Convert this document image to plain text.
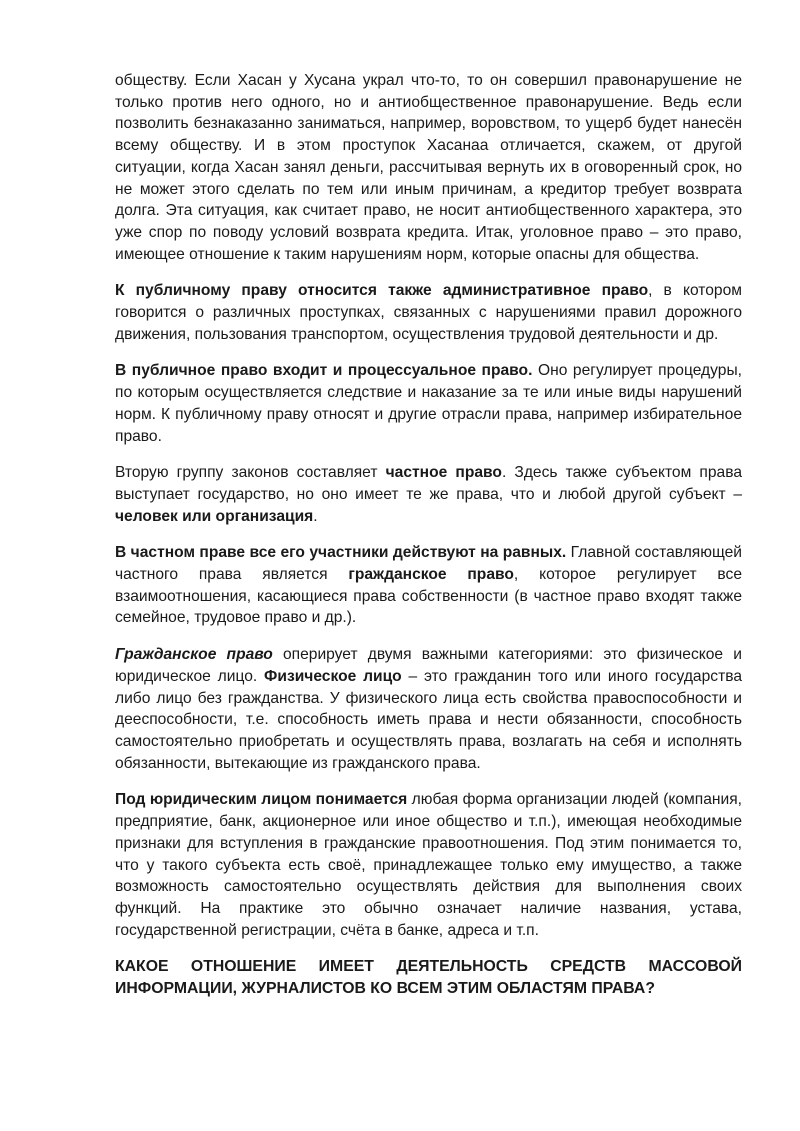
обществу. Если Хасан у Хусана украл что-то, то он совершил правонарушение не только против него одного, но и антиобщественное правонарушение. Ведь если позволить безнаказанно заниматься, например, воровством, то ущерб будет нанесён всему обществу. И в этом проступок Хасанаа отличается, скажем, от другой ситуации, когда Хасан занял деньги, рассчитывая вернуть их в оговоренный срок, но не может этого сделать по тем или иным причинам, а кредитор требует возврата долга. Эта ситуация, как считает право, не носит антиобщественного характера, это уже спор по поводу условий возврата кредита. Итак, уголовное право – это право, имеющее отношение к таким нарушениям норм, которые опасны для общества.

К публичному праву относится также административное право, в котором говорится о различных проступках, связанных с нарушениями правил дорожного движения, пользования транспортом, осуществления трудовой деятельности и др.

В публичное право входит и процессуальное право. Оно регулирует процедуры, по которым осуществляется следствие и наказание за те или иные виды нарушений норм. К публичному праву относят и другие отрасли права, например избирательное право.

Вторую группу законов составляет частное право. Здесь также субъектом права выступает государство, но оно имеет те же права, что и любой другой субъект – человек или организация.

В частном праве все его участники действуют на равных. Главной составляющей частного права является гражданское право, которое регулирует все взаимоотношения, касающиеся права собственности (в частное право входят также семейное, трудовое право и др.).

Гражданское право оперирует двумя важными категориями: это физическое и юридическое лицо. Физическое лицо – это гражданин того или иного государства либо лицо без гражданства. У физического лица есть свойства правоспособности и дееспособности, т.е. способность иметь права и нести обязанности, способность самостоятельно приобретать и осуществлять права, возлагать на себя и исполнять обязанности, вытекающие из гражданского права.

Под юридическим лицом понимается любая форма организации людей (компания, предприятие, банк, акционерное или иное общество и т.п.), имеющая необходимые признаки для вступления в гражданские правоотношения. Под этим понимается то, что у такого субъекта есть своё, принадлежащее только ему имущество, а также возможность самостоятельно осуществлять действия для выполнения своих функций. На практике это обычно означает наличие названия, устава, государственной регистрации, счёта в банке, адреса и т.п.

КАКОЕ ОТНОШЕНИЕ ИМЕЕТ ДЕЯТЕЛЬНОСТЬ СРЕДСТВ МАССОВОЙ ИНФОРМАЦИИ, ЖУРНАЛИСТОВ КО ВСЕМ ЭТИМ ОБЛАСТЯМ ПРАВА?
